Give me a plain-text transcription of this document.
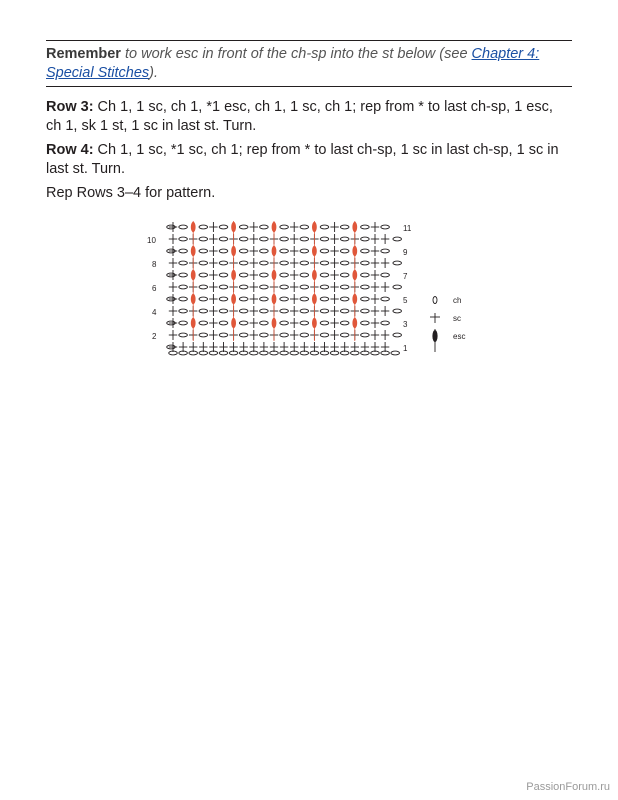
Remember to work esc in front of the ch-sp into the st below (see Chapter 4: Special Stitches).

Row 3: Ch 1, 1 sc, ch 1, *1 esc, ch 1, 1 sc, ch 1; rep from * to last ch-sp, 1 esc, ch 1, sk 1 st, 1 sc in last st. Turn.

Row 4: Ch 1, 1 sc, *1 sc, ch 1; rep from * to last ch-sp, 1 sc in last ch-sp, 1 sc in last st. Turn.

Rep Rows 3–4 for pattern.

10
8
6
4
2
11
9
7
5
3
1
ch
sc
esc
PassionForum.ru
